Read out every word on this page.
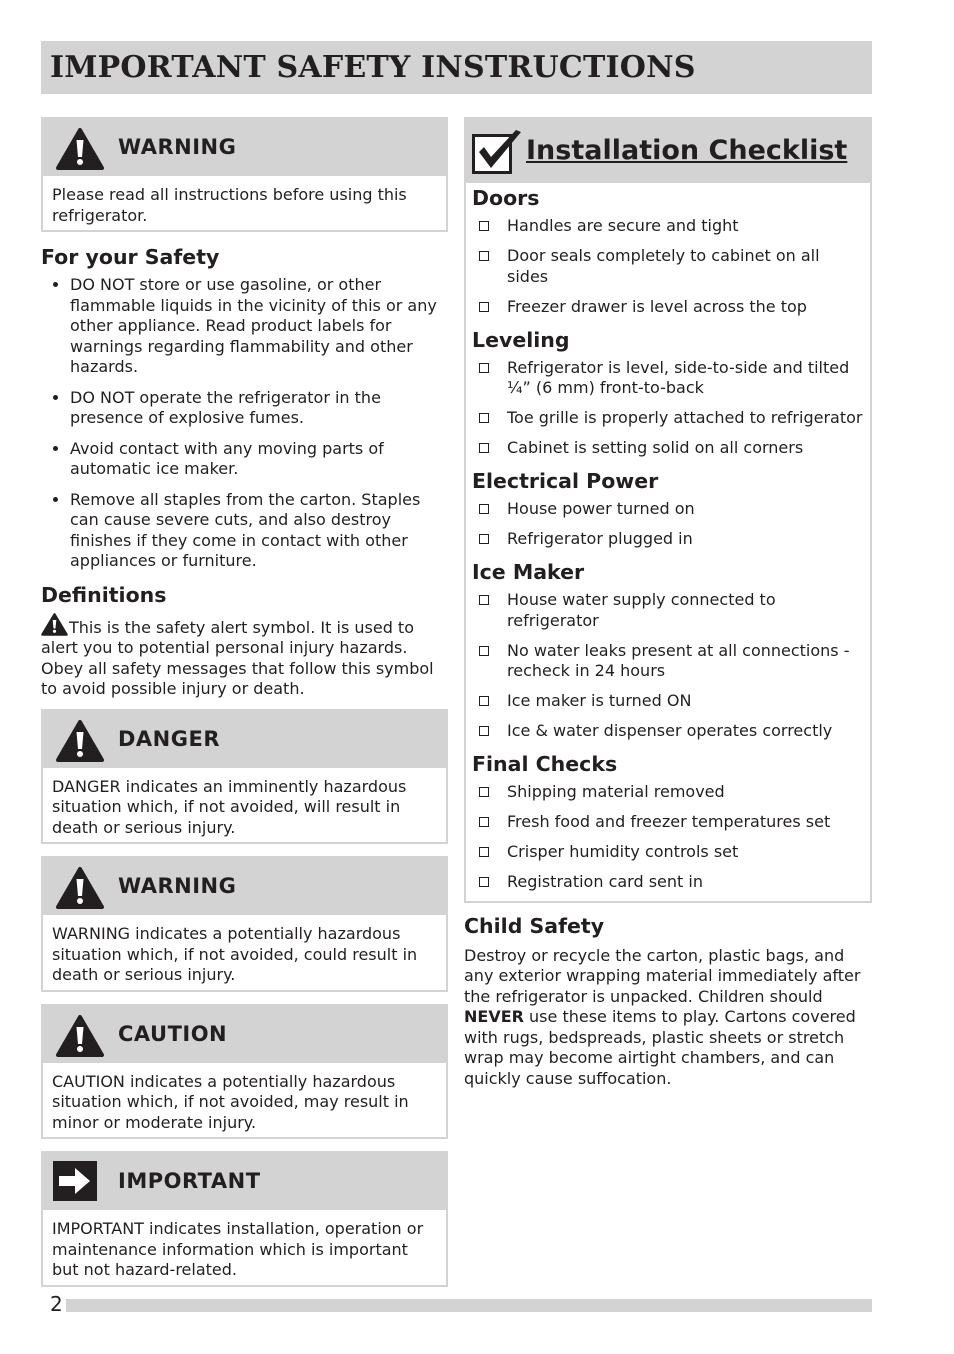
IMPORTANT SAFETY INSTRUCTIONS
WARNING
Please read all instructions before using this refrigerator.
For your Safety
• DO NOT store or use gasoline, or other flammable liquids in the vicinity of this or any other appliance. Read product labels for warnings regarding flammability and other hazards.
• DO NOT operate the refrigerator in the presence of explosive fumes.
• Avoid contact with any moving parts of automatic ice maker.
• Remove all staples from the carton. Staples can cause severe cuts, and also destroy finishes if they come in contact with other appliances or furniture.
Definitions
This is the safety alert symbol. It is used to alert you to potential personal injury hazards. Obey all safety messages that follow this symbol to avoid possible injury or death.
DANGER
DANGER indicates an imminently hazardous situation which, if not avoided, will result in death or serious injury.
WARNING
WARNING indicates a potentially hazardous situation which, if not avoided, could result in death or serious injury.
CAUTION
CAUTION indicates a potentially hazardous situation which, if not avoided, may result in minor or moderate injury.
IMPORTANT
IMPORTANT indicates installation, operation or maintenance information which is important but not hazard-related.
Installation Checklist
Doors
Handles are secure and tight
Door seals completely to cabinet on all sides
Freezer drawer is level across the top
Leveling
Refrigerator is level, side-to-side and tilted ¼” (6 mm) front-to-back
Toe grille is properly attached to refrigerator
Cabinet is setting solid on all corners
Electrical Power
House power turned on
Refrigerator plugged in
Ice Maker
House water supply connected to refrigerator
No water leaks present at all connections - recheck in 24 hours
Ice maker is turned ON
Ice & water dispenser operates correctly
Final Checks
Shipping material removed
Fresh food and freezer temperatures set
Crisper humidity controls set
Registration card sent in
Child Safety
Destroy or recycle the carton, plastic bags, and any exterior wrapping material immediately after the refrigerator is unpacked. Children should NEVER use these items to play. Cartons covered with rugs, bedspreads, plastic sheets or stretch wrap may become airtight chambers, and can quickly cause suffocation.
2
